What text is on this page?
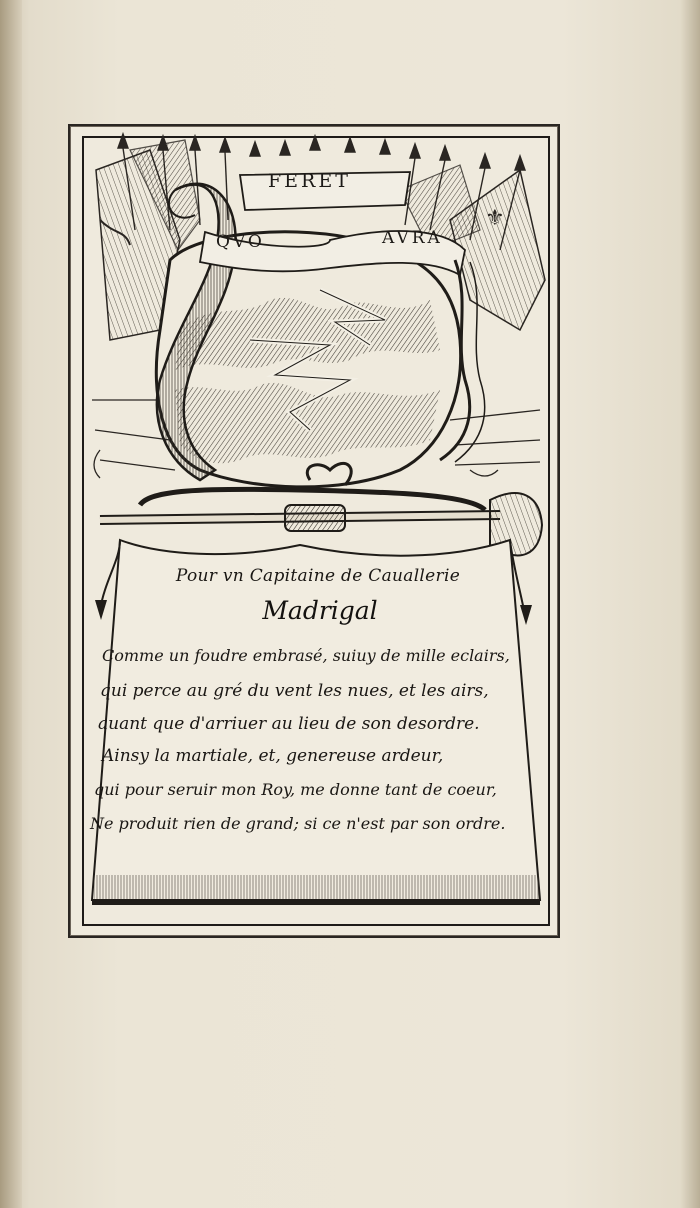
⚜
FERET
QVO	AVRA
Pour vn Capitaine de Cauallerie
Madrigal
Comme un foudre embrasé, suiuy de mille eclairs,
qui perce au gré du vent les nues, et les airs,
auant que d'arriuer au lieu de son desordre.
Ainsy la martiale, et, genereuse ardeur,
qui pour seruir mon Roy, me donne tant de coeur,
Ne produit rien de grand; si ce n'est par son ordre.
